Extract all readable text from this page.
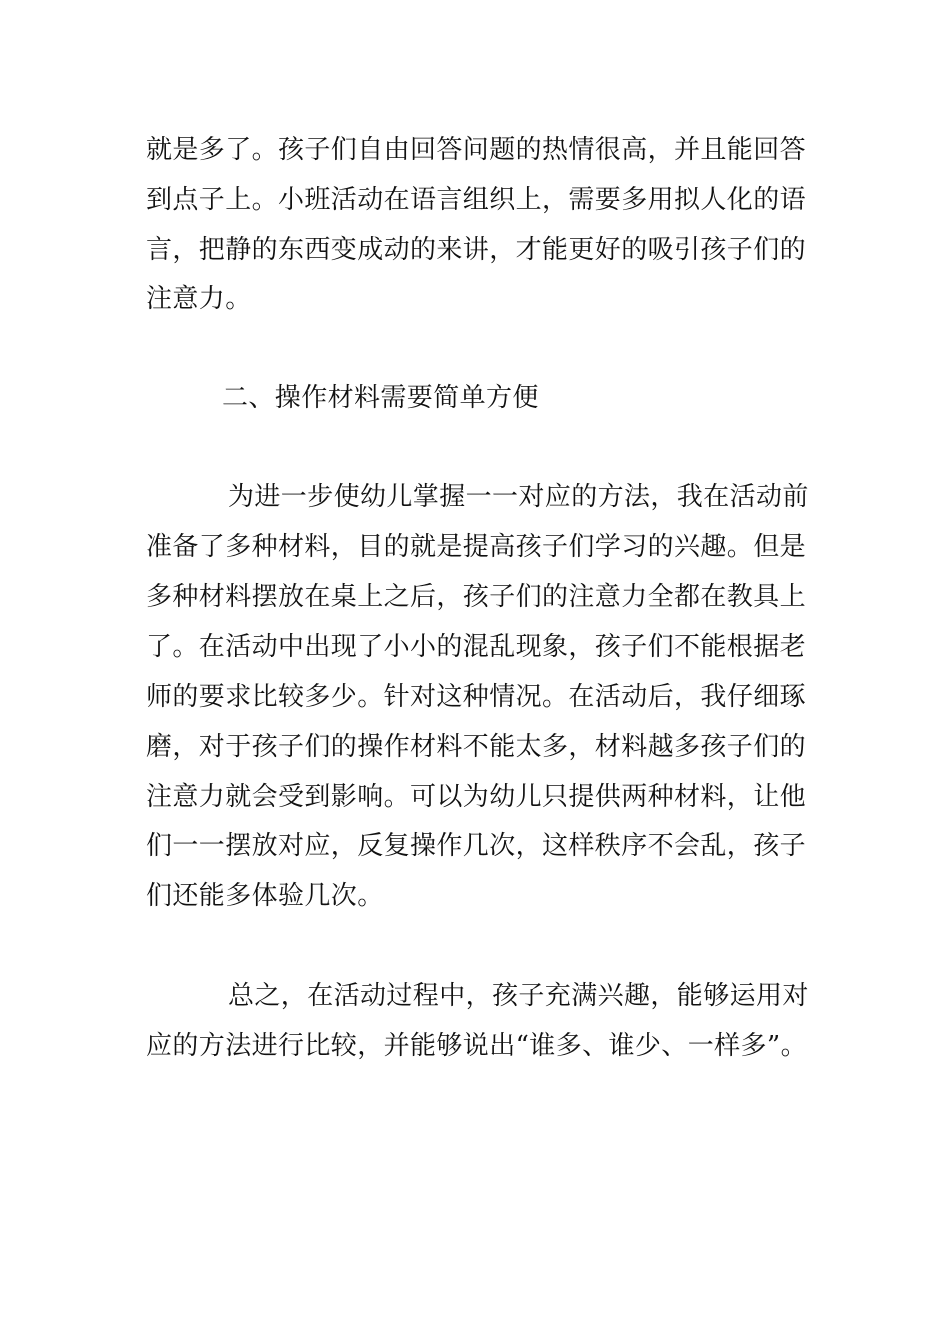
就是多了。孩子们自由回答问题的热情很高，并且能回答
到点子上。小班活动在语言组织上，需要多用拟人化的语
言，把静的东西变成动的来讲，才能更好的吸引孩子们的
注意力。
二、操作材料需要简单方便
为进一步使幼儿掌握一一对应的方法，我在活动前
准备了多种材料，目的就是提高孩子们学习的兴趣。但是
多种材料摆放在桌上之后，孩子们的注意力全都在教具上
了。在活动中出现了小小的混乱现象，孩子们不能根据老
师的要求比较多少。针对这种情况。在活动后，我仔细琢
磨，对于孩子们的操作材料不能太多，材料越多孩子们的
注意力就会受到影响。可以为幼儿只提供两种材料，让他
们一一摆放对应，反复操作几次，这样秩序不会乱，孩子
们还能多体验几次。
总之，在活动过程中，孩子充满兴趣，能够运用对
应的方法进行比较，并能够说出“谁多、谁少、一样多”。
